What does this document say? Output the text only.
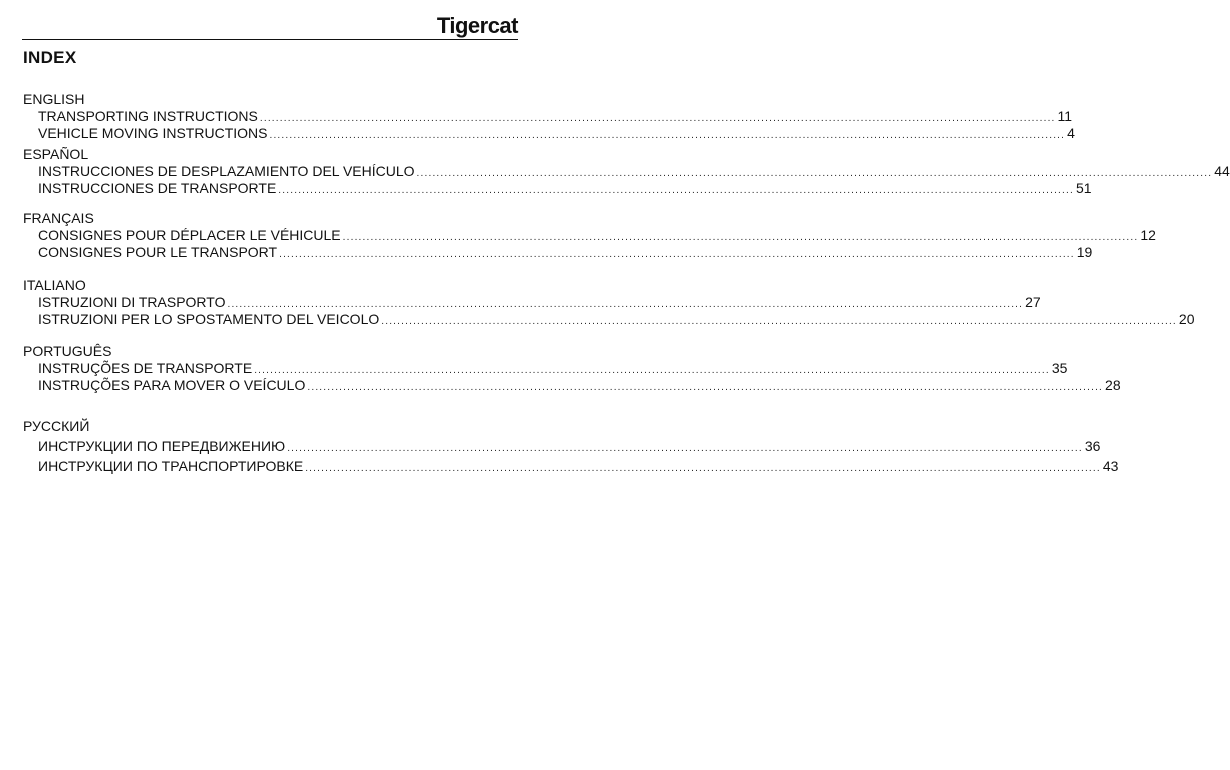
Tigercat
INDEX
ENGLISH
TRANSPORTING INSTRUCTIONS ........................................................................................................................................................................................................ 11
VEHICLE MOVING INSTRUCTIONS ........................................................................................................................................................................................................ 4
ESPAÑOL
INSTRUCCIONES DE DESPLAZAMIENTO DEL VEHÍCULO ........................................................................................................................................................................................................ 44
INSTRUCCIONES DE TRANSPORTE ........................................................................................................................................................................................................ 51
FRANÇAIS
CONSIGNES POUR DÉPLACER LE VÉHICULE ........................................................................................................................................................................................................ 12
CONSIGNES POUR LE TRANSPORT ........................................................................................................................................................................................................ 19
ITALIANO
ISTRUZIONI DI TRASPORTO ........................................................................................................................................................................................................ 27
ISTRUZIONI PER LO SPOSTAMENTO DEL VEICOLO ........................................................................................................................................................................................................ 20
PORTUGUÊS
INSTRUÇÕES DE TRANSPORTE ........................................................................................................................................................................................................ 35
INSTRUÇÕES PARA MOVER O VEÍCULO ........................................................................................................................................................................................................ 28
РУССКИЙ
ИНСТРУКЦИИ ПО ПЕРЕДВИЖЕНИЮ ........................................................................................................................................................................................................ 36
ИНСТРУКЦИИ ПО ТРАНСПОРТИРОВКЕ ........................................................................................................................................................................................................ 43
